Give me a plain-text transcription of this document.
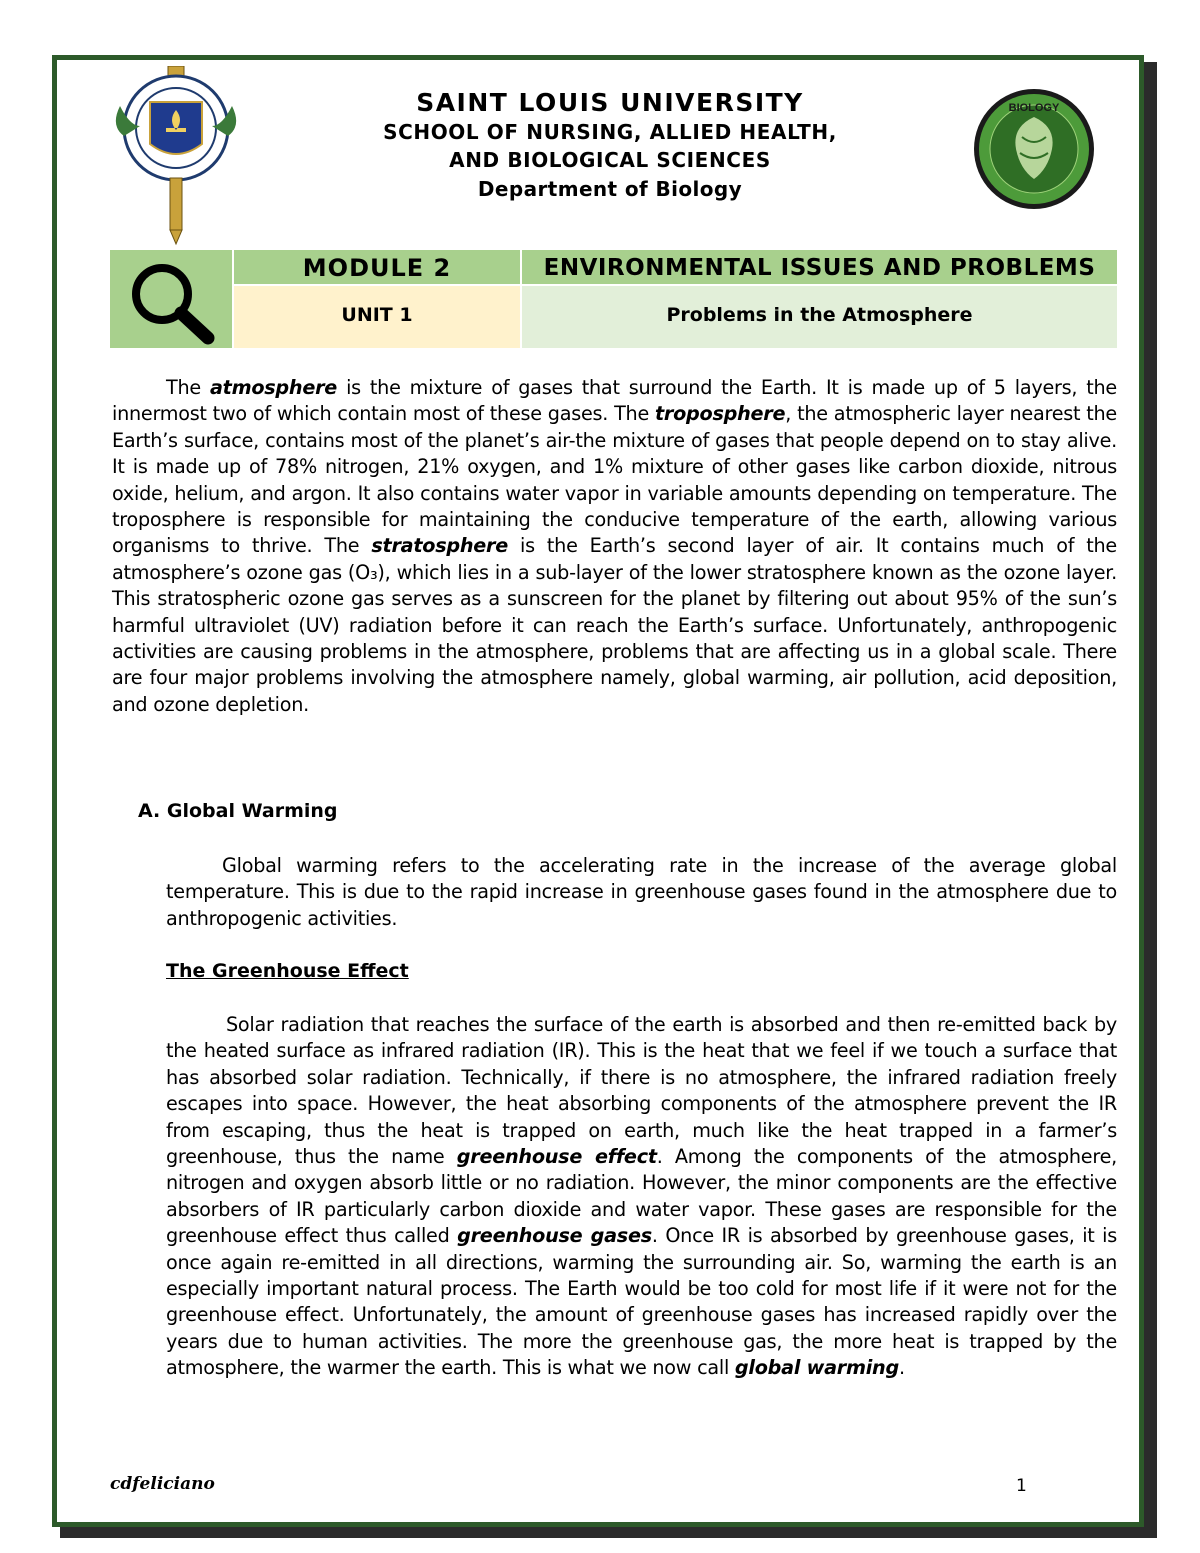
SAINT LOUIS UNIVERSITY
SCHOOL OF NURSING, ALLIED HEALTH,
AND BIOLOGICAL SCIENCES
Department of Biology
BIOLOGY
MODULE 2	ENVIRONMENTAL ISSUES AND PROBLEMS
UNIT 1	Problems in the Atmosphere

The atmosphere is the mixture of gases that surround the Earth. It is made up of 5 layers, the innermost two of which contain most of these gases. The troposphere, the atmospheric layer nearest the Earth’s surface, contains most of the planet’s air-the mixture of gases that people depend on to stay alive. It is made up of 78% nitrogen, 21% oxygen, and 1% mixture of other gases like carbon dioxide, nitrous oxide, helium, and argon. It also contains water vapor in variable amounts depending on temperature. The troposphere is responsible for maintaining the conducive temperature of the earth, allowing various organisms to thrive. The stratosphere is the Earth’s second layer of air. It contains much of the atmosphere’s ozone gas (O₃), which lies in a sub-layer of the lower stratosphere known as the ozone layer. This stratospheric ozone gas serves as a sunscreen for the planet by filtering out about 95% of the sun’s harmful ultraviolet (UV) radiation before it can reach the Earth’s surface. Unfortunately, anthropogenic activities are causing problems in the atmosphere, problems that are affecting us in a global scale. There are four major problems involving the atmosphere namely, global warming, air pollution, acid deposition, and ozone depletion.

A. Global Warming

Global warming refers to the accelerating rate in the increase of the average global temperature. This is due to the rapid increase in greenhouse gases found in the atmosphere due to anthropogenic activities.

The Greenhouse Effect

Solar radiation that reaches the surface of the earth is absorbed and then re-emitted back by the heated surface as infrared radiation (IR). This is the heat that we feel if we touch a surface that has absorbed solar radiation. Technically, if there is no atmosphere, the infrared radiation freely escapes into space. However, the heat absorbing components of the atmosphere prevent the IR from escaping, thus the heat is trapped on earth, much like the heat trapped in a farmer’s greenhouse, thus the name greenhouse effect. Among the components of the atmosphere, nitrogen and oxygen absorb little or no radiation. However, the minor components are the effective absorbers of IR particularly carbon dioxide and water vapor. These gases are responsible for the greenhouse effect thus called greenhouse gases. Once IR is absorbed by greenhouse gases, it is once again re-emitted in all directions, warming the surrounding air. So, warming the earth is an especially important natural process. The Earth would be too cold for most life if it were not for the greenhouse effect. Unfortunately, the amount of greenhouse gases has increased rapidly over the years due to human activities. The more the greenhouse gas, the more heat is trapped by the atmosphere, the warmer the earth. This is what we now call global warming.

cdfeliciano	1
